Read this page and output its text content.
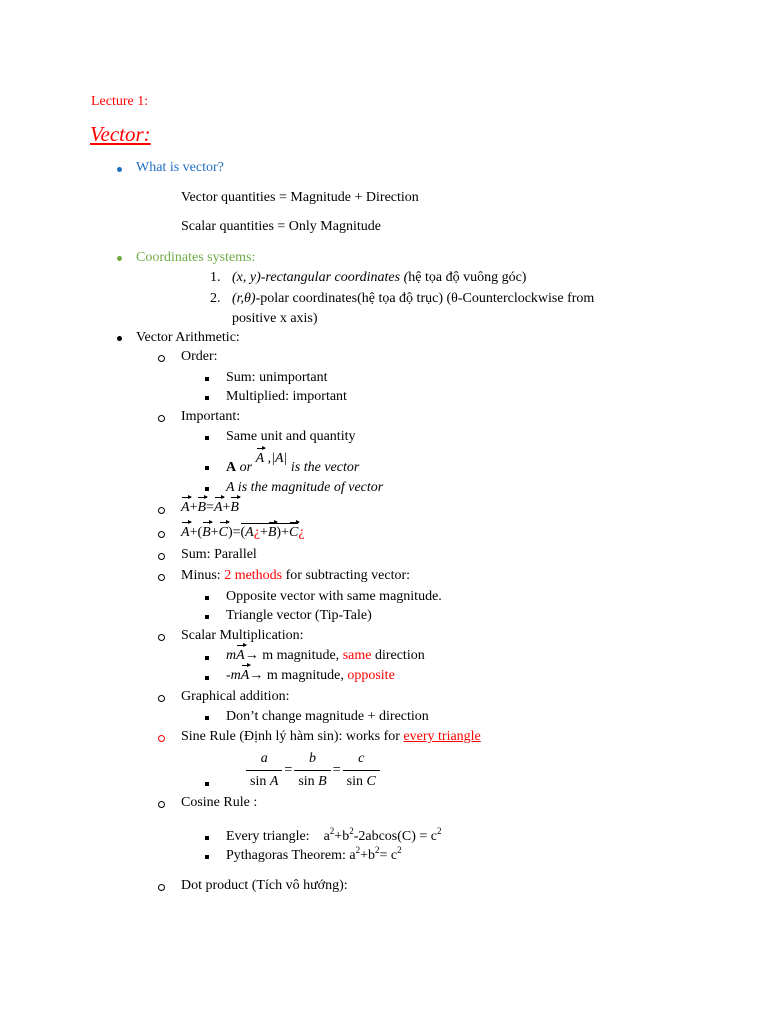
Lecture 1:
Vector:
What is vector?
Vector quantities = Magnitude + Direction
Scalar quantities = Only Magnitude
Coordinates systems:
1. (x, y)-rectangular coordinates (hệ tọa độ vuông góc)
2. (r,θ)-polar coordinates(hệ tọa độ trục) (θ-Counterclockwise from
positive x axis)
Vector Arithmetic:
Order:
Sum: unimportant
Multiplied: important
Important:
Same unit and quantity
A or A ,|A| is the vector
A is the magnitude of vector
A+B=A+B
A+(B+C)=(A¿+B)+C¿
Sum: Parallel
Minus: 2 methods for subtracting vector:
Opposite vector with same magnitude.
Triangle vector (Tip-Tale)
Scalar Multiplication:
mA→ m magnitude, same direction
-mA→ m magnitude, opposite
Graphical addition:
Don’t change magnitude + direction
Sine Rule (Định lý hàm sin): works for every triangle
$\frac{a}{\text{sin A}} = \frac{b}{\text{sin B}} = \frac{c}{\text{sin C}}$
Cosine Rule :
Every triangle:    $a^2+b^2-2abcos(C) = c^2$
Pythagoras Theorem: $a^2+b^2= c^2$
Dot product (Tích vô hướng):
